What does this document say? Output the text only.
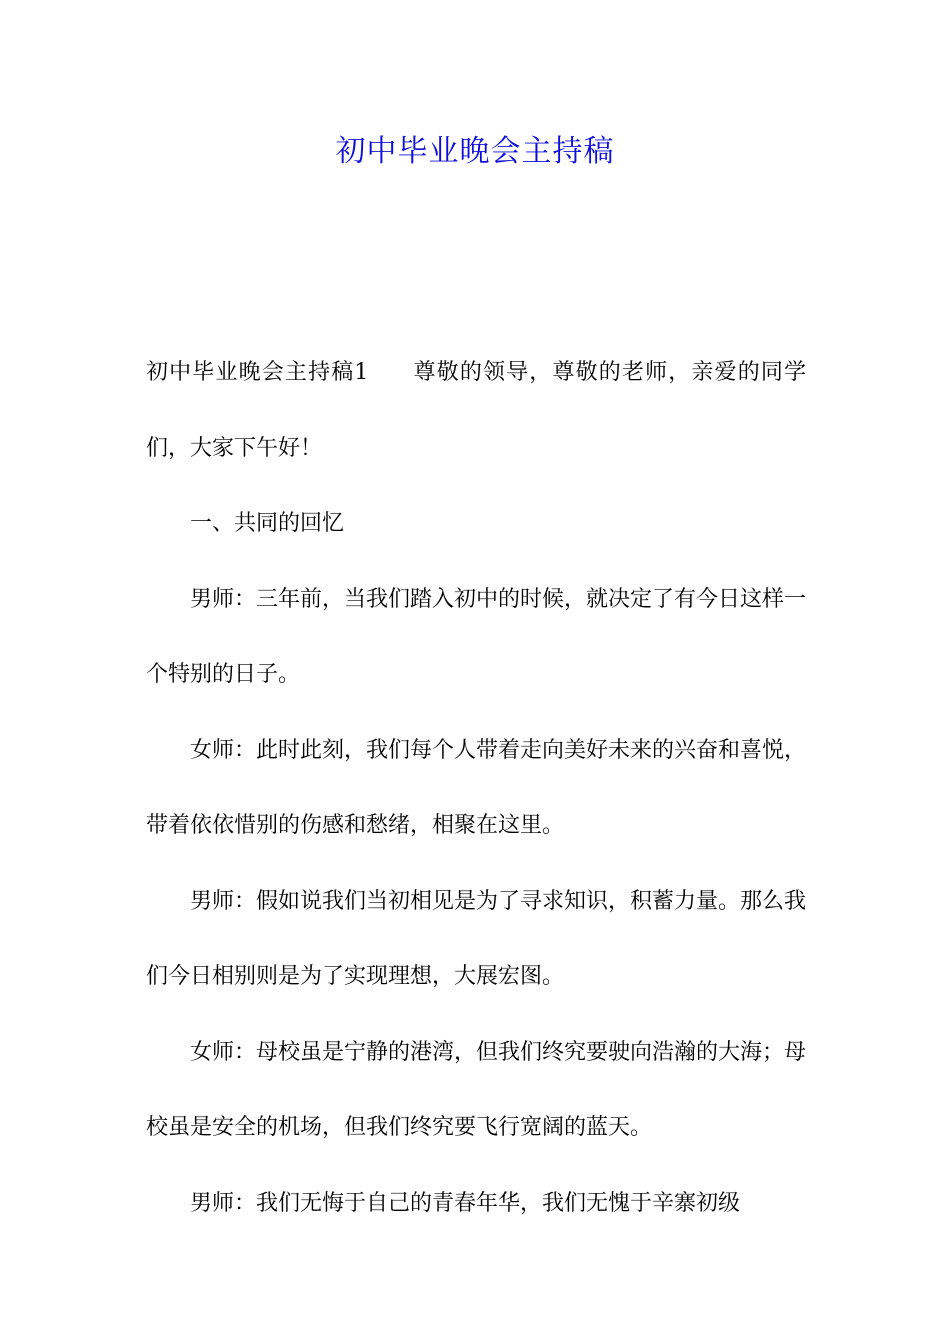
初中毕业晚会主持稿

初中毕业晚会主持稿1 尊敬的领导，尊敬的老师，亲爱的同学们，大家下午好！

一、共同的回忆

男师：三年前，当我们踏入初中的时候，就决定了有今日这样一个特别的日子。

女师：此时此刻，我们每个人带着走向美好未来的兴奋和喜悦，带着依依惜别的伤感和愁绪，相聚在这里。

男师：假如说我们当初相见是为了寻求知识，积蓄力量。那么我们今日相别则是为了实现理想，大展宏图。

女师：母校虽是宁静的港湾，但我们终究要驶向浩瀚的大海；母校虽是安全的机场，但我们终究要飞行宽阔的蓝天。

男师：我们无悔于自己的青春年华，我们无愧于辛寨初级
